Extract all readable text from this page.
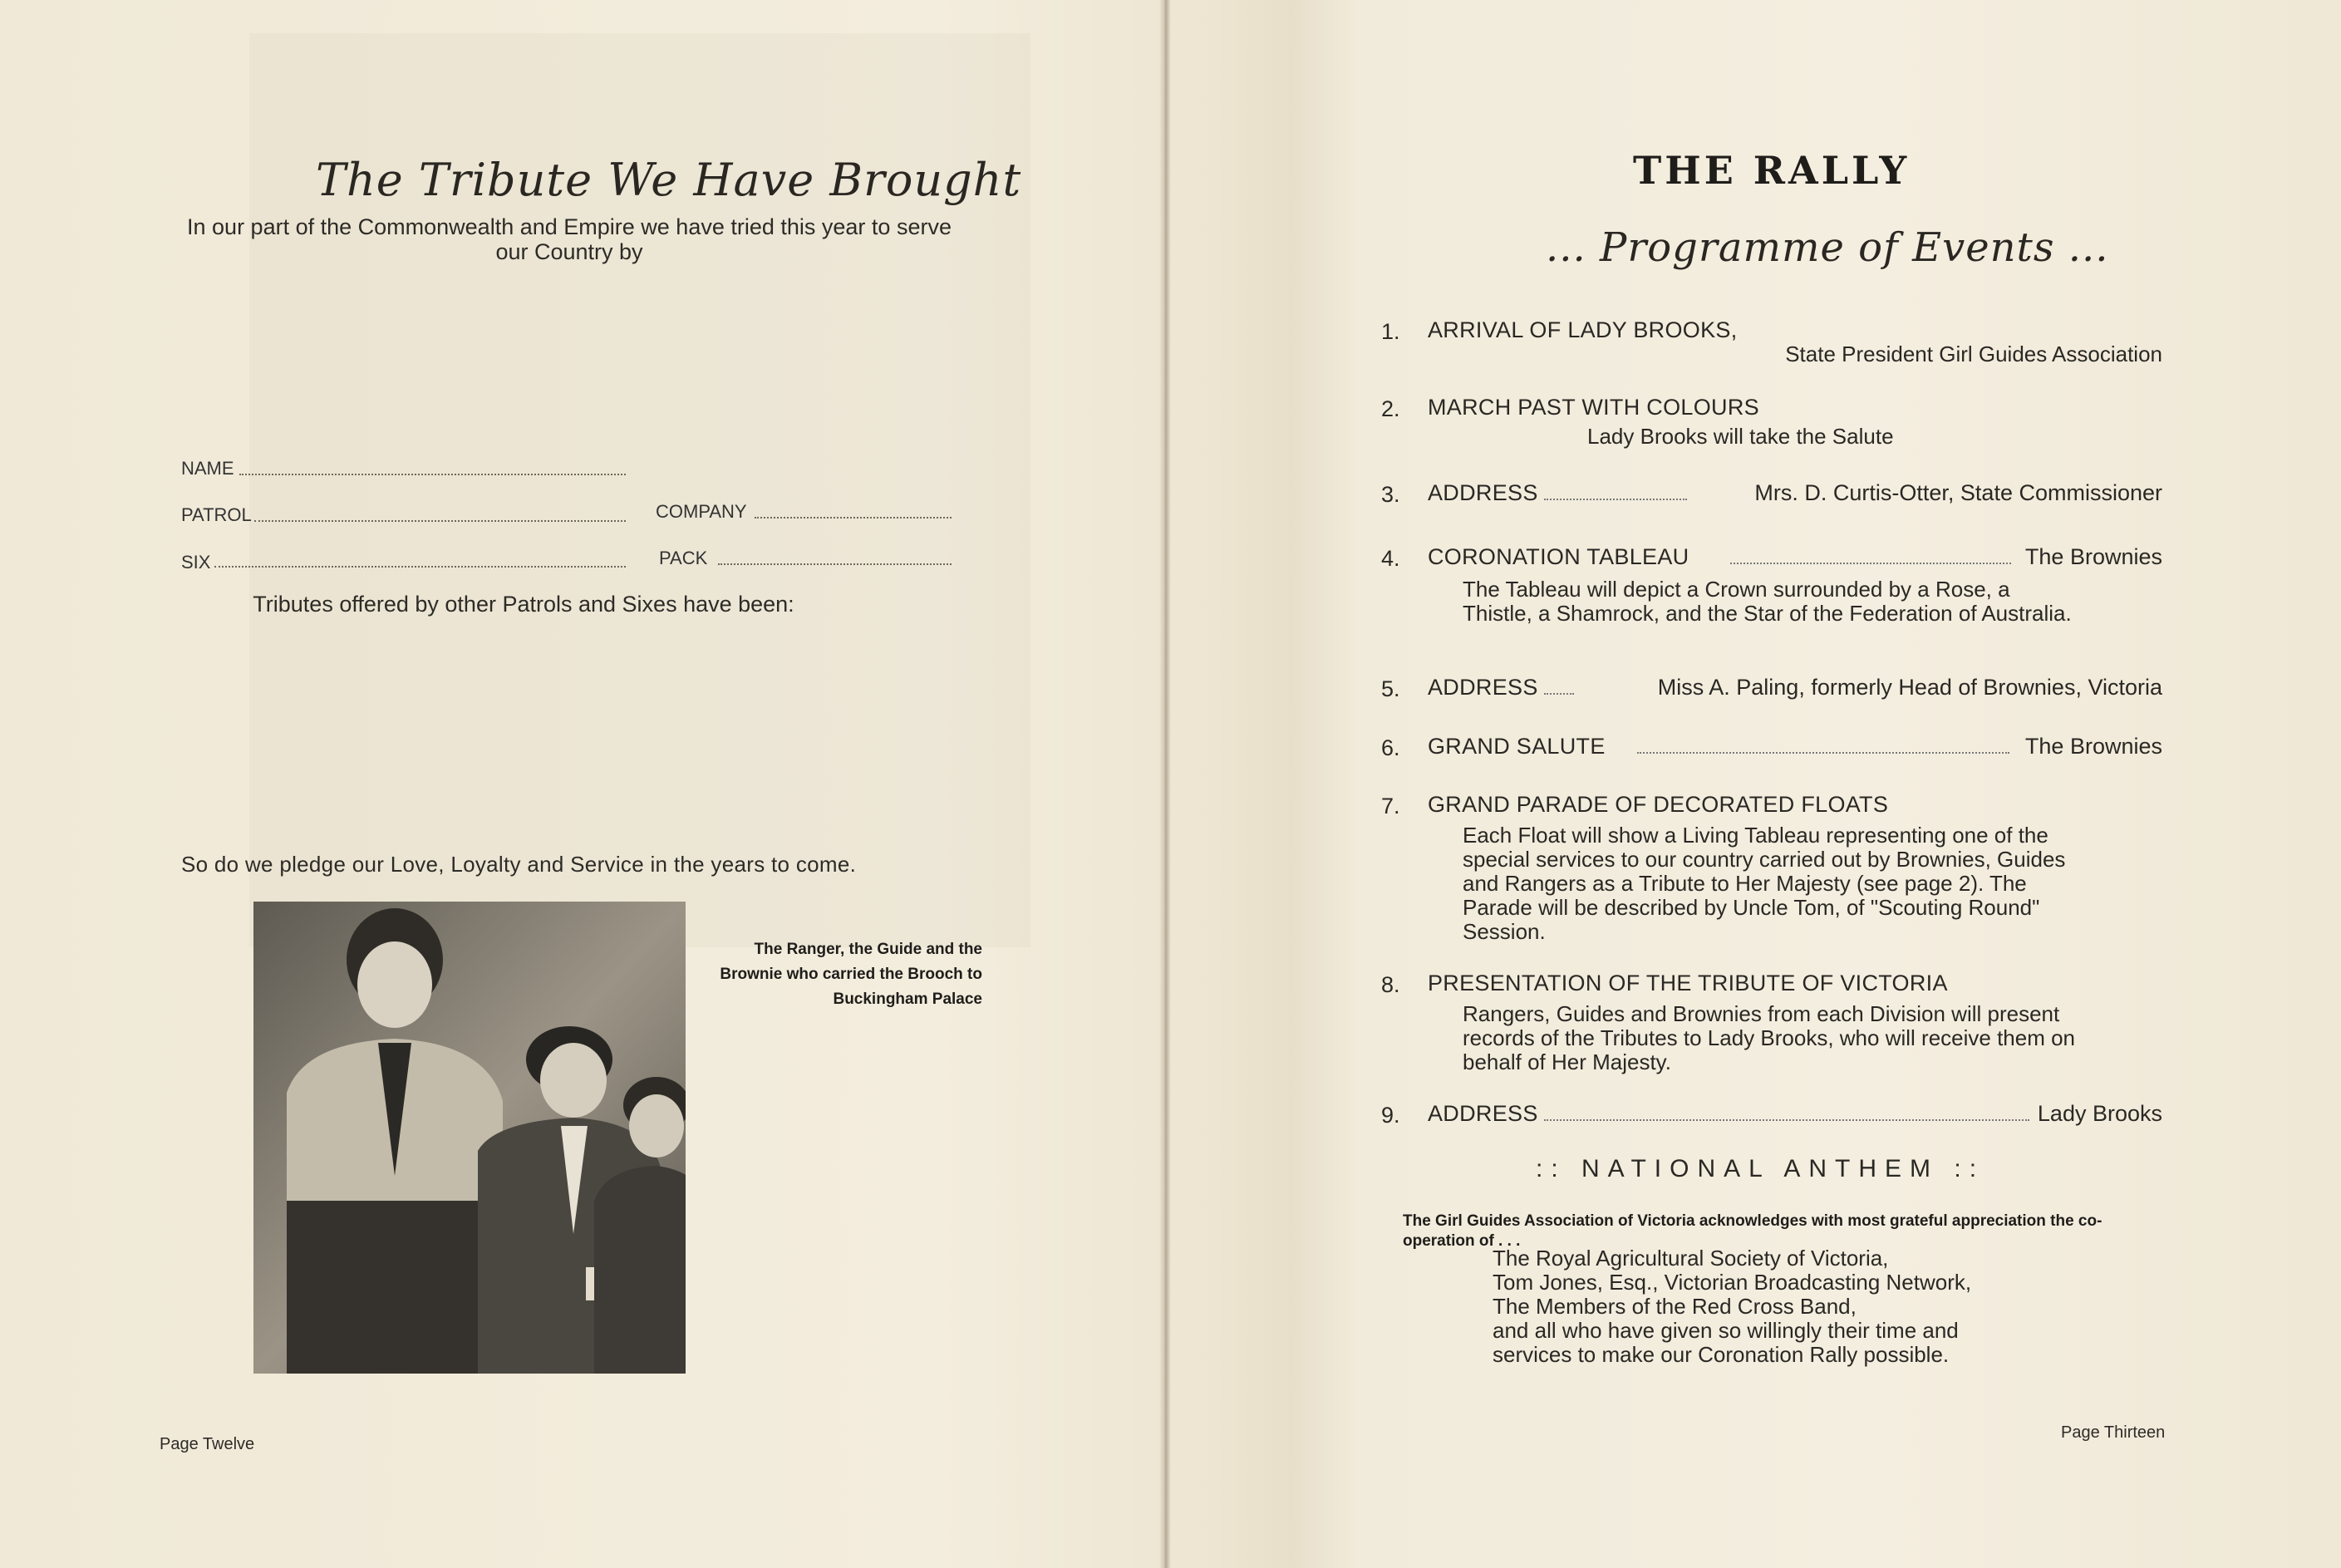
The Tribute We Have Brought
In our part of the Commonwealth and Empire we have tried this year to serve our Country by
NAME
PATROL	COMPANY
SIX	PACK
Tributes offered by other Patrols and Sixes have been:
So do we pledge our Love, Loyalty and Service in the years to come.
The Ranger, the Guide and the Brownie who carried the Brooch to Buckingham Palace
Page Twelve
THE RALLY
... Programme of Events ...
1. ARRIVAL OF LADY BROOKS,
State President Girl Guides Association
2. MARCH PAST WITH COLOURS
Lady Brooks will take the Salute
3. ADDRESS	Mrs. D. Curtis-Otter, State Commissioner
4. CORONATION TABLEAU	The Brownies
The Tableau will depict a Crown surrounded by a Rose, a Thistle, a Shamrock, and the Star of the Federation of Australia.
5. ADDRESS	Miss A. Paling, formerly Head of Brownies, Victoria
6. GRAND SALUTE	The Brownies
7. GRAND PARADE OF DECORATED FLOATS
Each Float will show a Living Tableau representing one of the special services to our country carried out by Brownies, Guides and Rangers as a Tribute to Her Majesty (see page 2). The Parade will be described by Uncle Tom, of "Scouting Round" Session.
8. PRESENTATION OF THE TRIBUTE OF VICTORIA
Rangers, Guides and Brownies from each Division will present records of the Tributes to Lady Brooks, who will receive them on behalf of Her Majesty.
9. ADDRESS	Lady Brooks
:: NATIONAL ANTHEM ::
The Girl Guides Association of Victoria acknowledges with most grateful appreciation the co-operation of . . .
The Royal Agricultural Society of Victoria,
Tom Jones, Esq., Victorian Broadcasting Network,
The Members of the Red Cross Band,
and all who have given so willingly their time and
services to make our Coronation Rally possible.
Page Thirteen
